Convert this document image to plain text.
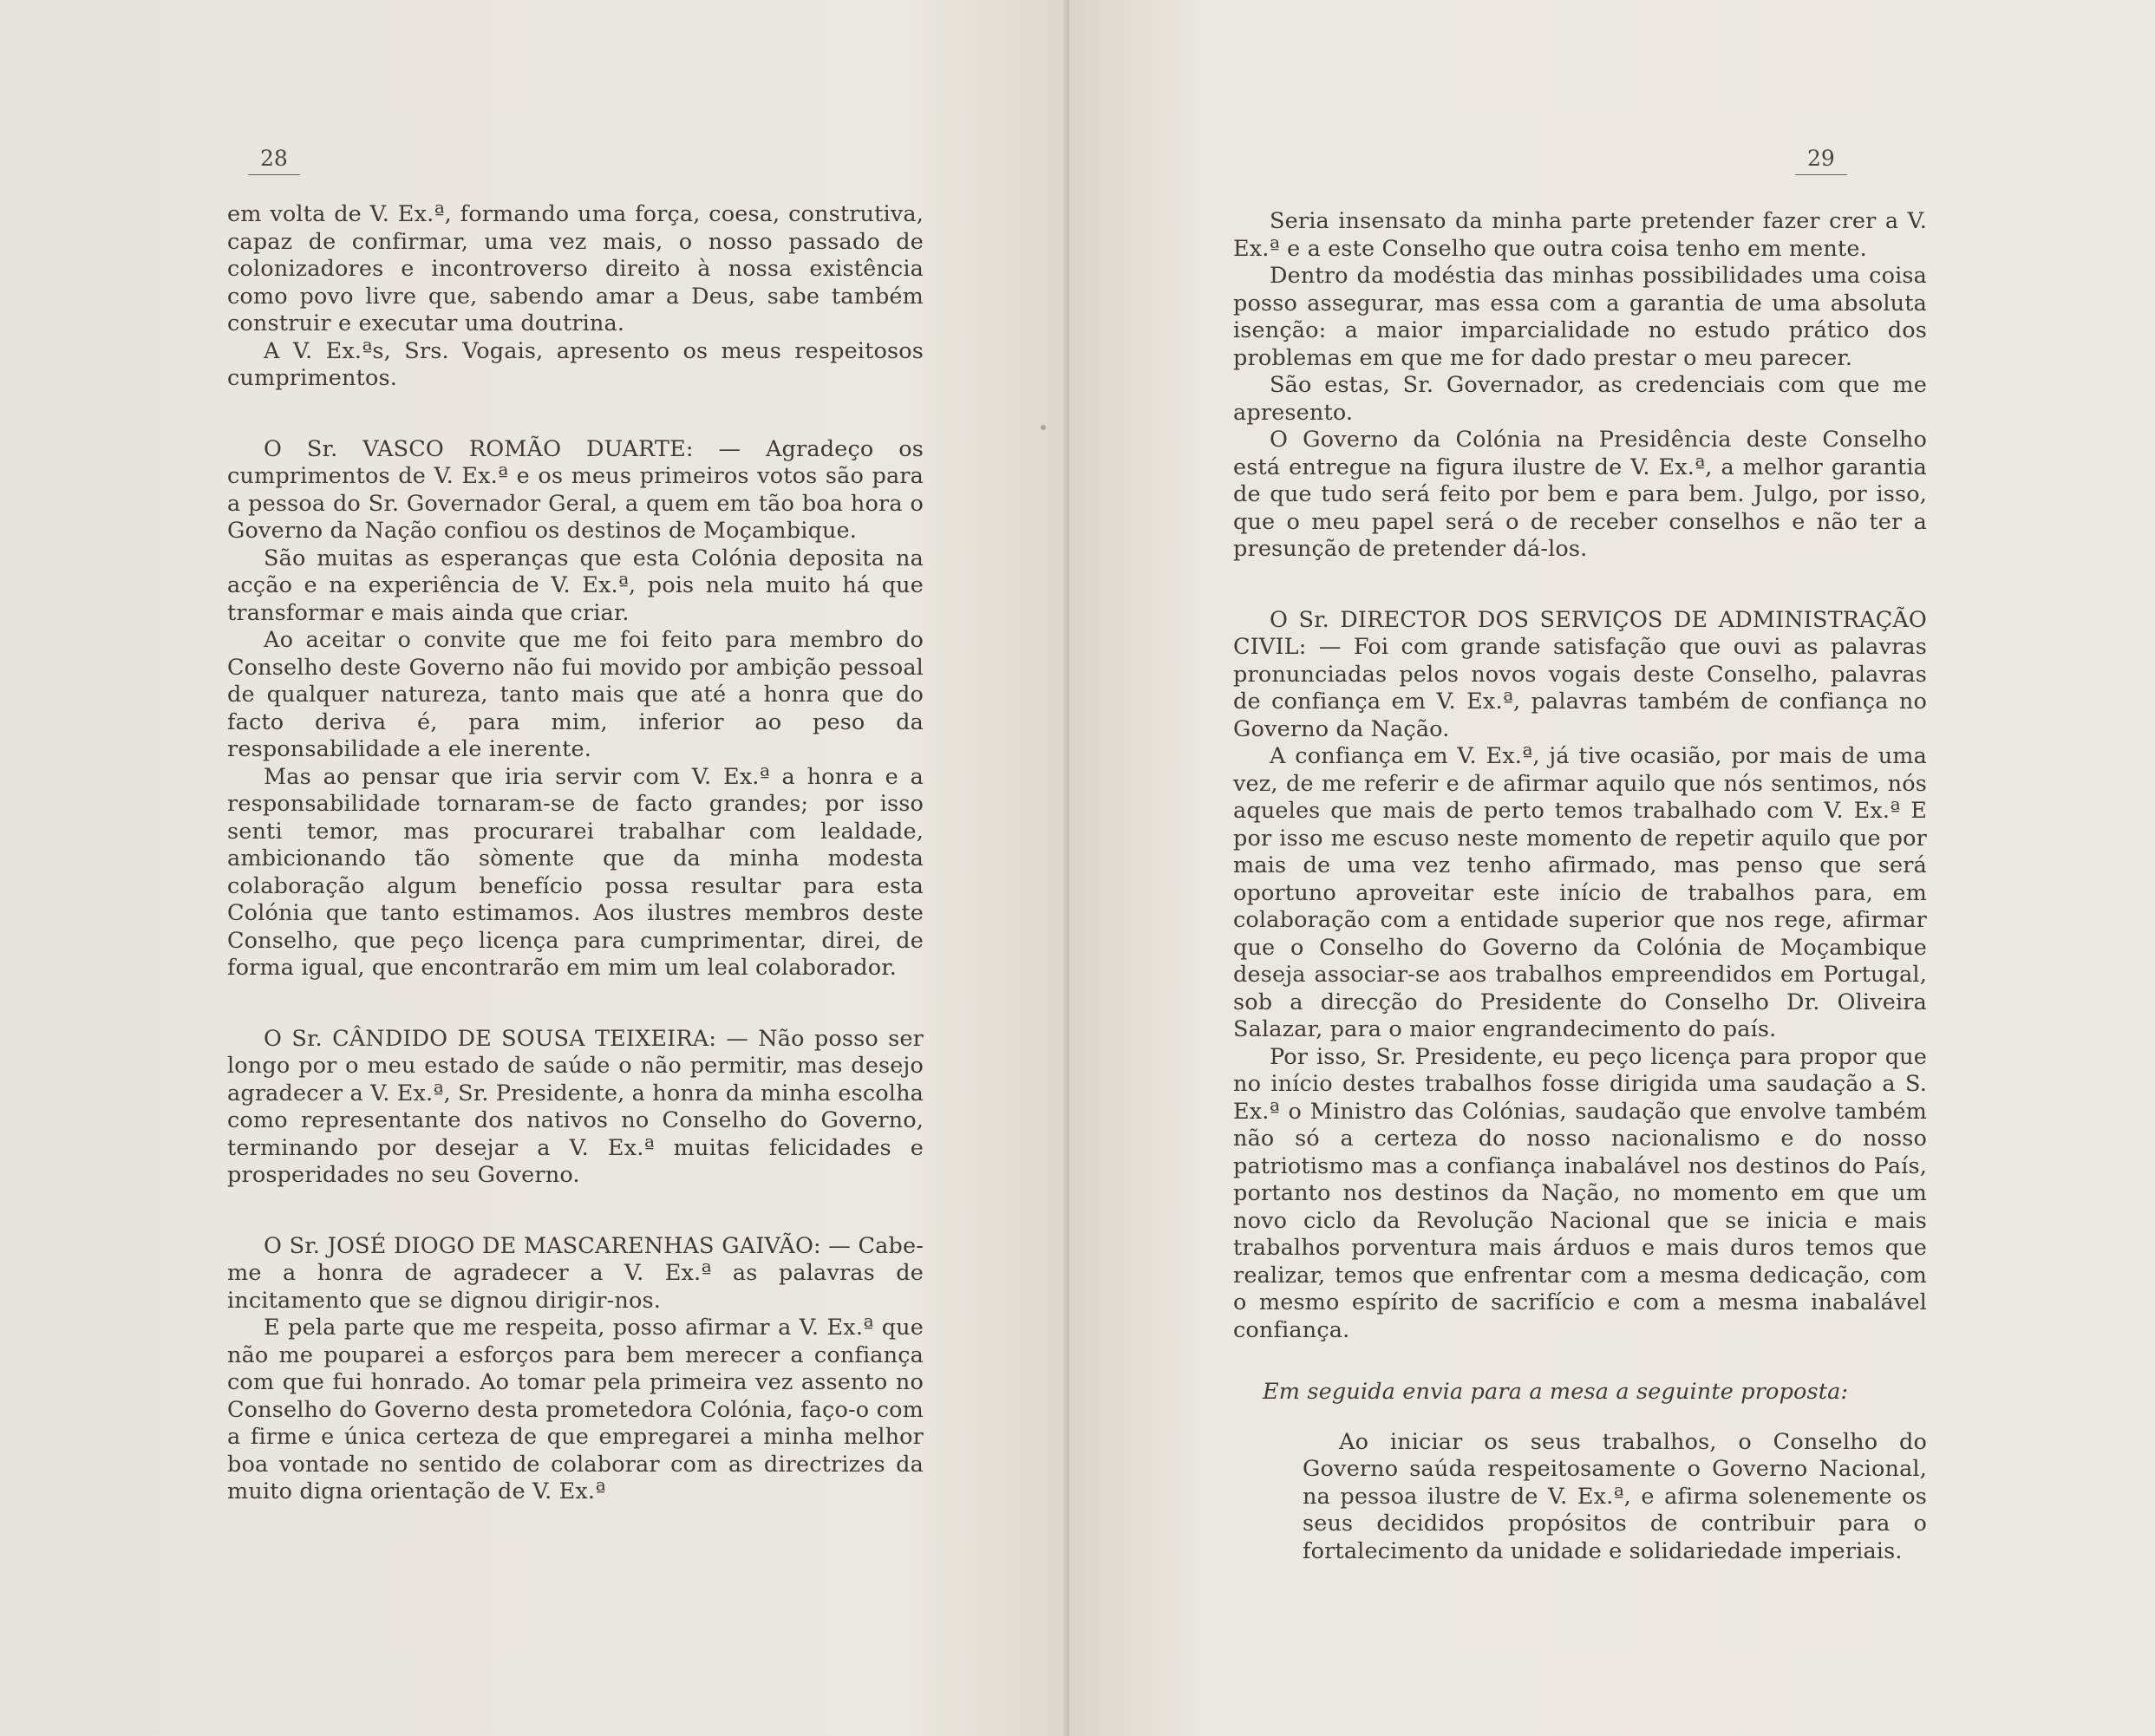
28

em volta de V. Ex.ª, formando uma força, coesa, construtiva, capaz de confirmar, uma vez mais, o nosso passado de colonizadores e incontroverso direito à nossa existência como povo livre que, sabendo amar a Deus, sabe também construir e executar uma doutrina.

A V. Ex.ªs, Srs. Vogais, apresento os meus respeitosos cumprimentos.

O Sr. VASCO ROMÃO DUARTE: — Agradeço os cumprimentos de V. Ex.ª e os meus primeiros votos são para a pessoa do Sr. Governador Geral, a quem em tão boa hora o Governo da Nação confiou os destinos de Moçambique.

São muitas as esperanças que esta Colónia deposita na acção e na experiência de V. Ex.ª, pois nela muito há que transformar e mais ainda que criar.

Ao aceitar o convite que me foi feito para membro do Conselho deste Governo não fui movido por ambição pessoal de qualquer natureza, tanto mais que até a honra que do facto deriva é, para mim, inferior ao peso da responsabilidade a ele inerente.

Mas ao pensar que iria servir com V. Ex.ª a honra e a responsabilidade tornaram-se de facto grandes; por isso senti temor, mas procurarei trabalhar com lealdade, ambicionando tão sòmente que da minha modesta colaboração algum benefício possa resultar para esta Colónia que tanto estimamos. Aos ilustres membros deste Conselho, que peço licença para cumprimentar, direi, de forma igual, que encontrarão em mim um leal colaborador.

O Sr. CÂNDIDO DE SOUSA TEIXEIRA: — Não posso ser longo por o meu estado de saúde o não permitir, mas desejo agradecer a V. Ex.ª, Sr. Presidente, a honra da minha escolha como representante dos nativos no Conselho do Governo, terminando por desejar a V. Ex.ª muitas felicidades e prosperidades no seu Governo.

O Sr. JOSÉ DIOGO DE MASCARENHAS GAIVÃO: — Cabe-me a honra de agradecer a V. Ex.ª as palavras de incitamento que se dignou dirigir-nos.

E pela parte que me respeita, posso afirmar a V. Ex.ª que não me pouparei a esforços para bem merecer a confiança com que fui honrado. Ao tomar pela primeira vez assento no Conselho do Governo desta prometedora Colónia, faço-o com a firme e única certeza de que empregarei a minha melhor boa vontade no sentido de colaborar com as directrizes da muito digna orientação de V. Ex.ª

29

Seria insensato da minha parte pretender fazer crer a V. Ex.ª e a este Conselho que outra coisa tenho em mente.

Dentro da modéstia das minhas possibilidades uma coisa posso assegurar, mas essa com a garantia de uma absoluta isenção: a maior imparcialidade no estudo prático dos problemas em que me for dado prestar o meu parecer.

São estas, Sr. Governador, as credenciais com que me apresento.

O Governo da Colónia na Presidência deste Conselho está entregue na figura ilustre de V. Ex.ª, a melhor garantia de que tudo será feito por bem e para bem. Julgo, por isso, que o meu papel será o de receber conselhos e não ter a presunção de pretender dá-los.

O Sr. DIRECTOR DOS SERVIÇOS DE ADMINISTRAÇÃO CIVIL: — Foi com grande satisfação que ouvi as palavras pronunciadas pelos novos vogais deste Conselho, palavras de confiança em V. Ex.ª, palavras também de confiança no Governo da Nação.

A confiança em V. Ex.ª, já tive ocasião, por mais de uma vez, de me referir e de afirmar aquilo que nós sentimos, nós aqueles que mais de perto temos trabalhado com V. Ex.ª E por isso me escuso neste momento de repetir aquilo que por mais de uma vez tenho afirmado, mas penso que será oportuno aproveitar este início de trabalhos para, em colaboração com a entidade superior que nos rege, afirmar que o Conselho do Governo da Colónia de Moçambique deseja associar-se aos trabalhos empreendidos em Portugal, sob a direcção do Presidente do Conselho Dr. Oliveira Salazar, para o maior engrandecimento do país.

Por isso, Sr. Presidente, eu peço licença para propor que no início destes trabalhos fosse dirigida uma saudação a S. Ex.ª o Ministro das Colónias, saudação que envolve também não só a certeza do nosso nacionalismo e do nosso patriotismo mas a confiança inabalável nos destinos do País, portanto nos destinos da Nação, no momento em que um novo ciclo da Revolução Nacional que se inicia e mais trabalhos porventura mais árduos e mais duros temos que realizar, temos que enfrentar com a mesma dedicação, com o mesmo espírito de sacrifício e com a mesma inabalável confiança.

Em seguida envia para a mesa a seguinte proposta:

Ao iniciar os seus trabalhos, o Conselho do Governo saúda respeitosamente o Governo Nacional, na pessoa ilustre de V. Ex.ª, e afirma solenemente os seus decididos propósitos de contribuir para o fortalecimento da unidade e solidariedade imperiais.
